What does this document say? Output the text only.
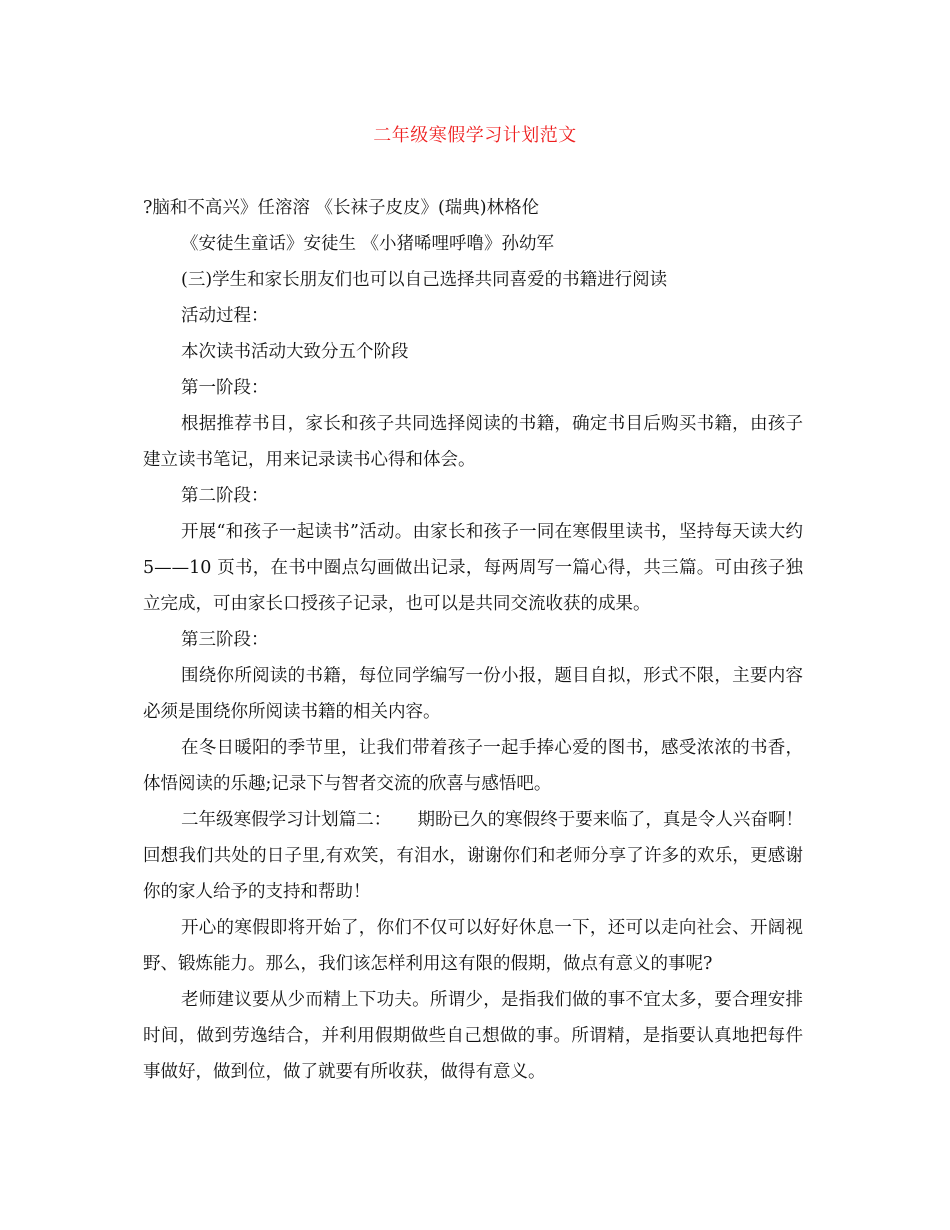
二年级寒假学习计划范文

?脑和不高兴》任溶溶 《长袜子皮皮》(瑞典)林格伦

《安徒生童话》安徒生 《小猪唏哩呼噜》孙幼军

(三)学生和家长朋友们也可以自己选择共同喜爱的书籍进行阅读

活动过程：

本次读书活动大致分五个阶段

第一阶段：

根据推荐书目，家长和孩子共同选择阅读的书籍，确定书目后购买书籍，由孩子建立读书笔记，用来记录读书心得和体会。

第二阶段：

开展“和孩子一起读书”活动。由家长和孩子一同在寒假里读书，坚持每天读大约 5——10 页书，在书中圈点勾画做出记录，每两周写一篇心得，共三篇。可由孩子独立完成，可由家长口授孩子记录，也可以是共同交流收获的成果。

第三阶段：

围绕你所阅读的书籍，每位同学编写一份小报，题目自拟，形式不限，主要内容必须是围绕你所阅读书籍的相关内容。

在冬日暖阳的季节里，让我们带着孩子一起手捧心爱的图书，感受浓浓的书香，体悟阅读的乐趣;记录下与智者交流的欣喜与感悟吧。

二年级寒假学习计划篇二：　　期盼已久的寒假终于要来临了，真是令人兴奋啊！回想我们共处的日子里,有欢笑，有泪水，谢谢你们和老师分享了许多的欢乐，更感谢你的家人给予的支持和帮助！

开心的寒假即将开始了，你们不仅可以好好休息一下，还可以走向社会、开阔视野、锻炼能力。那么，我们该怎样利用这有限的假期，做点有意义的事呢?

老师建议要从少而精上下功夫。所谓少，是指我们做的事不宜太多，要合理安排时间，做到劳逸结合，并利用假期做些自己想做的事。所谓精，是指要认真地把每件事做好，做到位，做了就要有所收获，做得有意义。
